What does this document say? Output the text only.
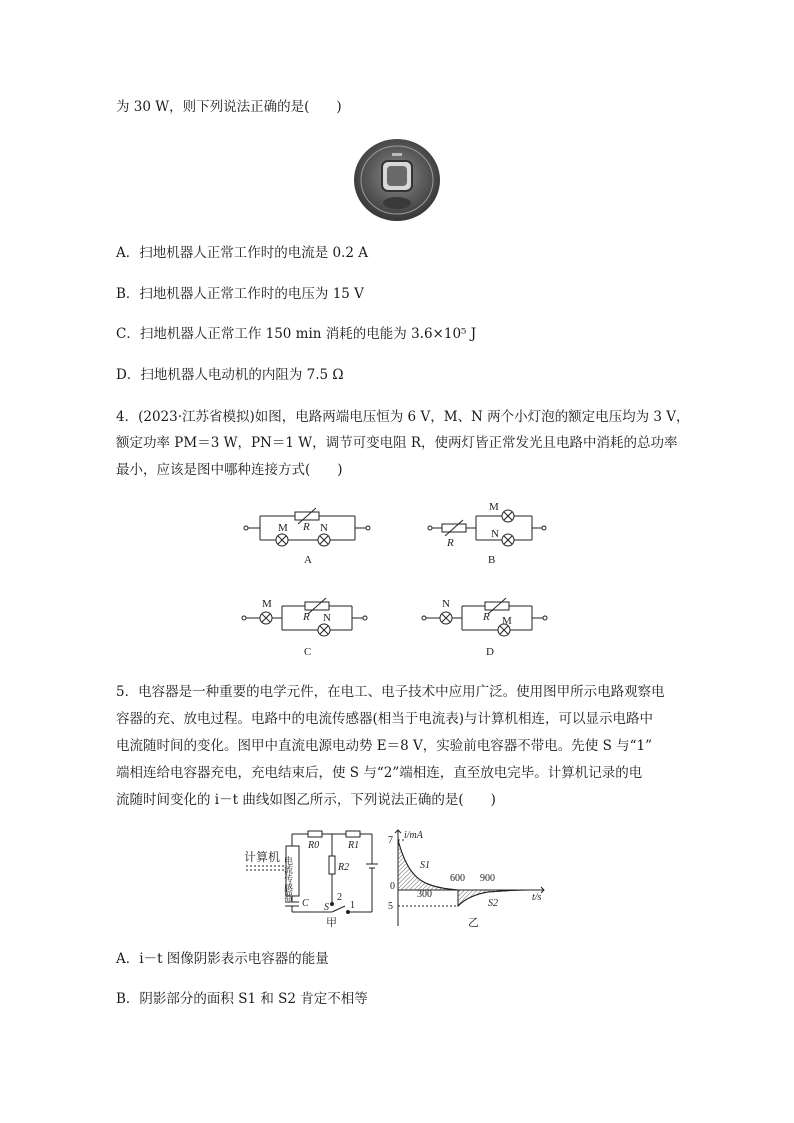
为 30 W，则下列说法正确的是(　　)
A．扫地机器人正常工作时的电流是 0.2 A
B．扫地机器人正常工作时的电压为 15 V
C．扫地机器人正常工作 150 min 消耗的电能为 3.6×10⁵ J
D．扫地机器人电动机的内阻为 7.5 Ω
4．(2023·江苏省模拟)如图，电路两端电压恒为 6 V，M、N 两个小灯泡的额定电压均为 3 V，
额定功率 PM＝3 W，PN＝1 W，调节可变电阻 R，使两灯皆正常发光且电路中消耗的总功率
最小，应该是图中哪种连接方式(　　)
R
M	N
A
R
M
N
B
M
R N
C
N
R M
D
5．电容器是一种重要的电学元件，在电工、电子技术中应用广泛。使用图甲所示电路观察电
容器的充、放电过程。电路中的电流传感器(相当于电流表)与计算机相连，可以显示电路中
电流随时间的变化。图甲中直流电源电动势 E＝8 V，实验前电容器不带电。先使 S 与“1”
端相连给电容器充电，充电结束后，使 S 与“2”端相连，直至放电完毕。计算机记录的电
流随时间变化的 i－t 曲线如图乙所示，下列说法正确的是(　　)
计算机 电流传感器
R0	R1
R2
C S
2
1
甲
7
5
0
i/mA
t/s
300
600 900
S1
S2
乙
A．i－t 图像阴影表示电容器的能量
B．阴影部分的面积 S1 和 S2 肯定不相等
